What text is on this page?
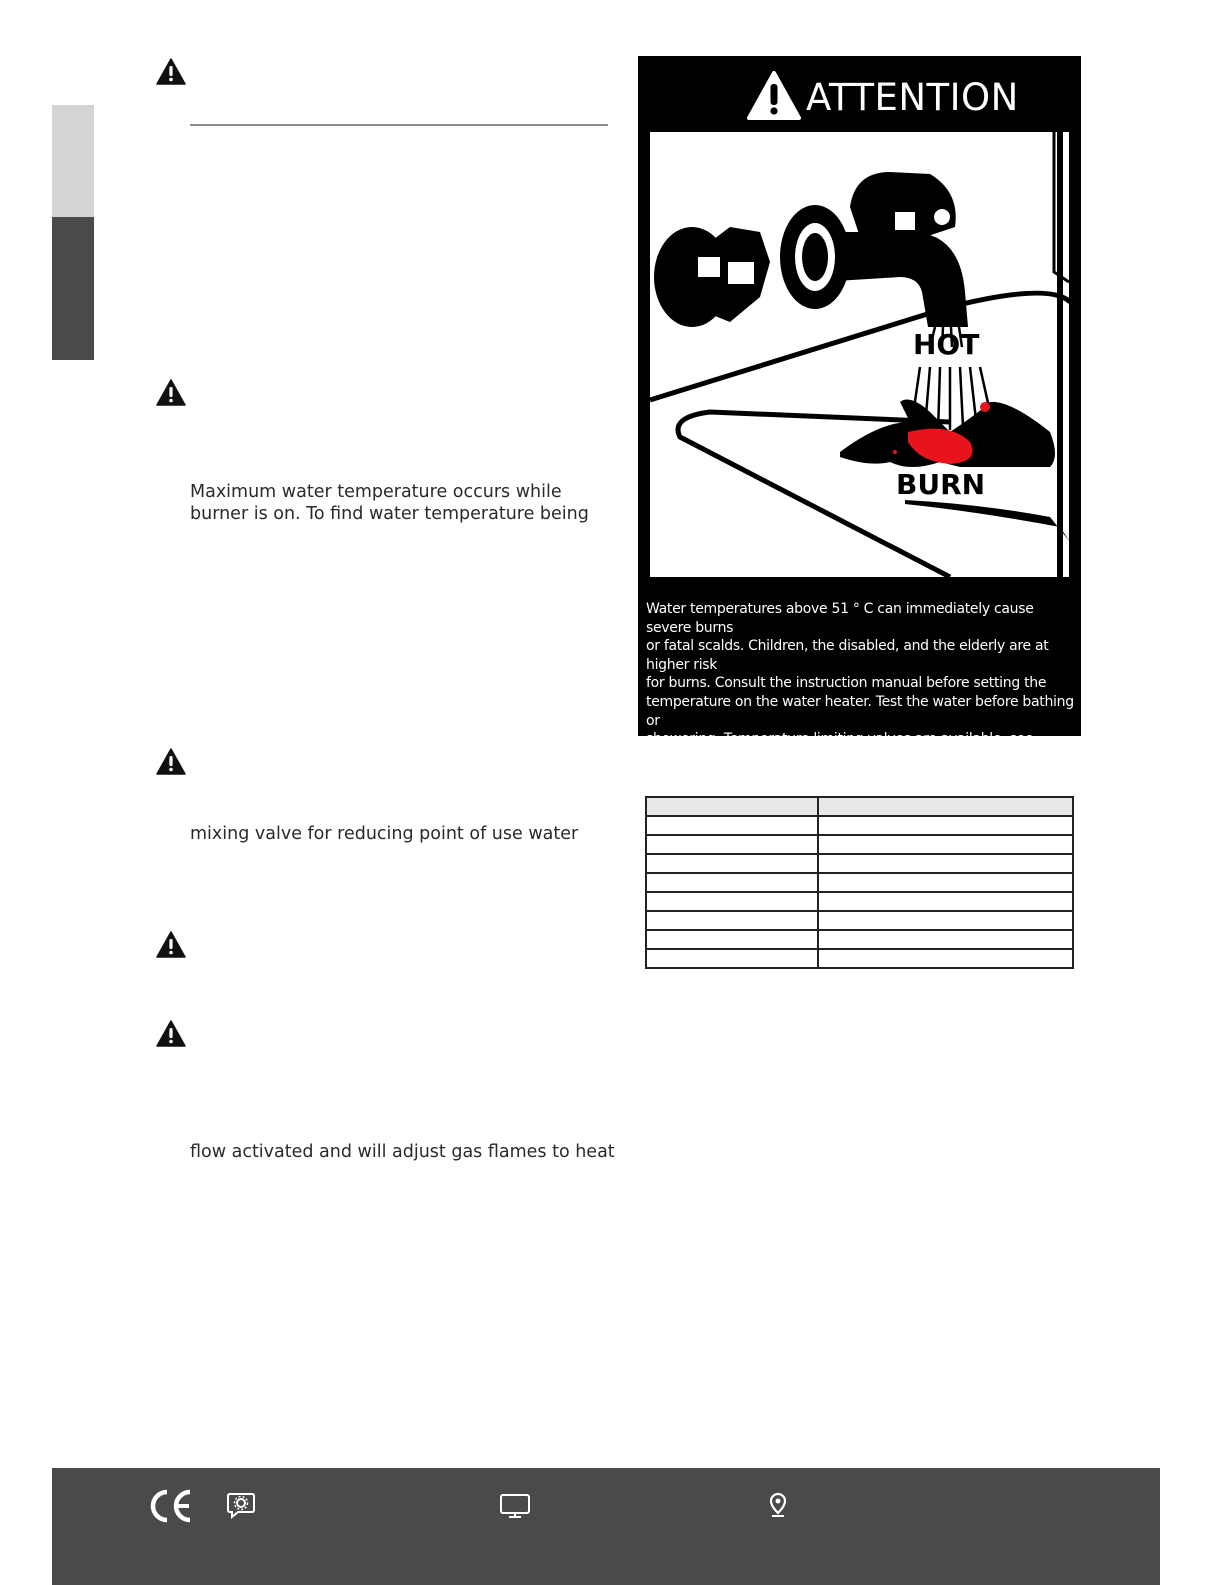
Maximum water temperature occurs while
burner is on. To find water temperature being
mixing valve for reducing point of use water
flow activated and will adjust gas flames to heat
ATTENTION
HOT
BURN
Water temperatures above 51 ° C can immediately cause severe burns
or fatal scalds. Children, the disabled, and the elderly are at higher risk
for burns. Consult the instruction manual before setting the
temperature on the water heater. Test the water before bathing or
showering. Temperature limiting valves are available, see operating
instructions.
